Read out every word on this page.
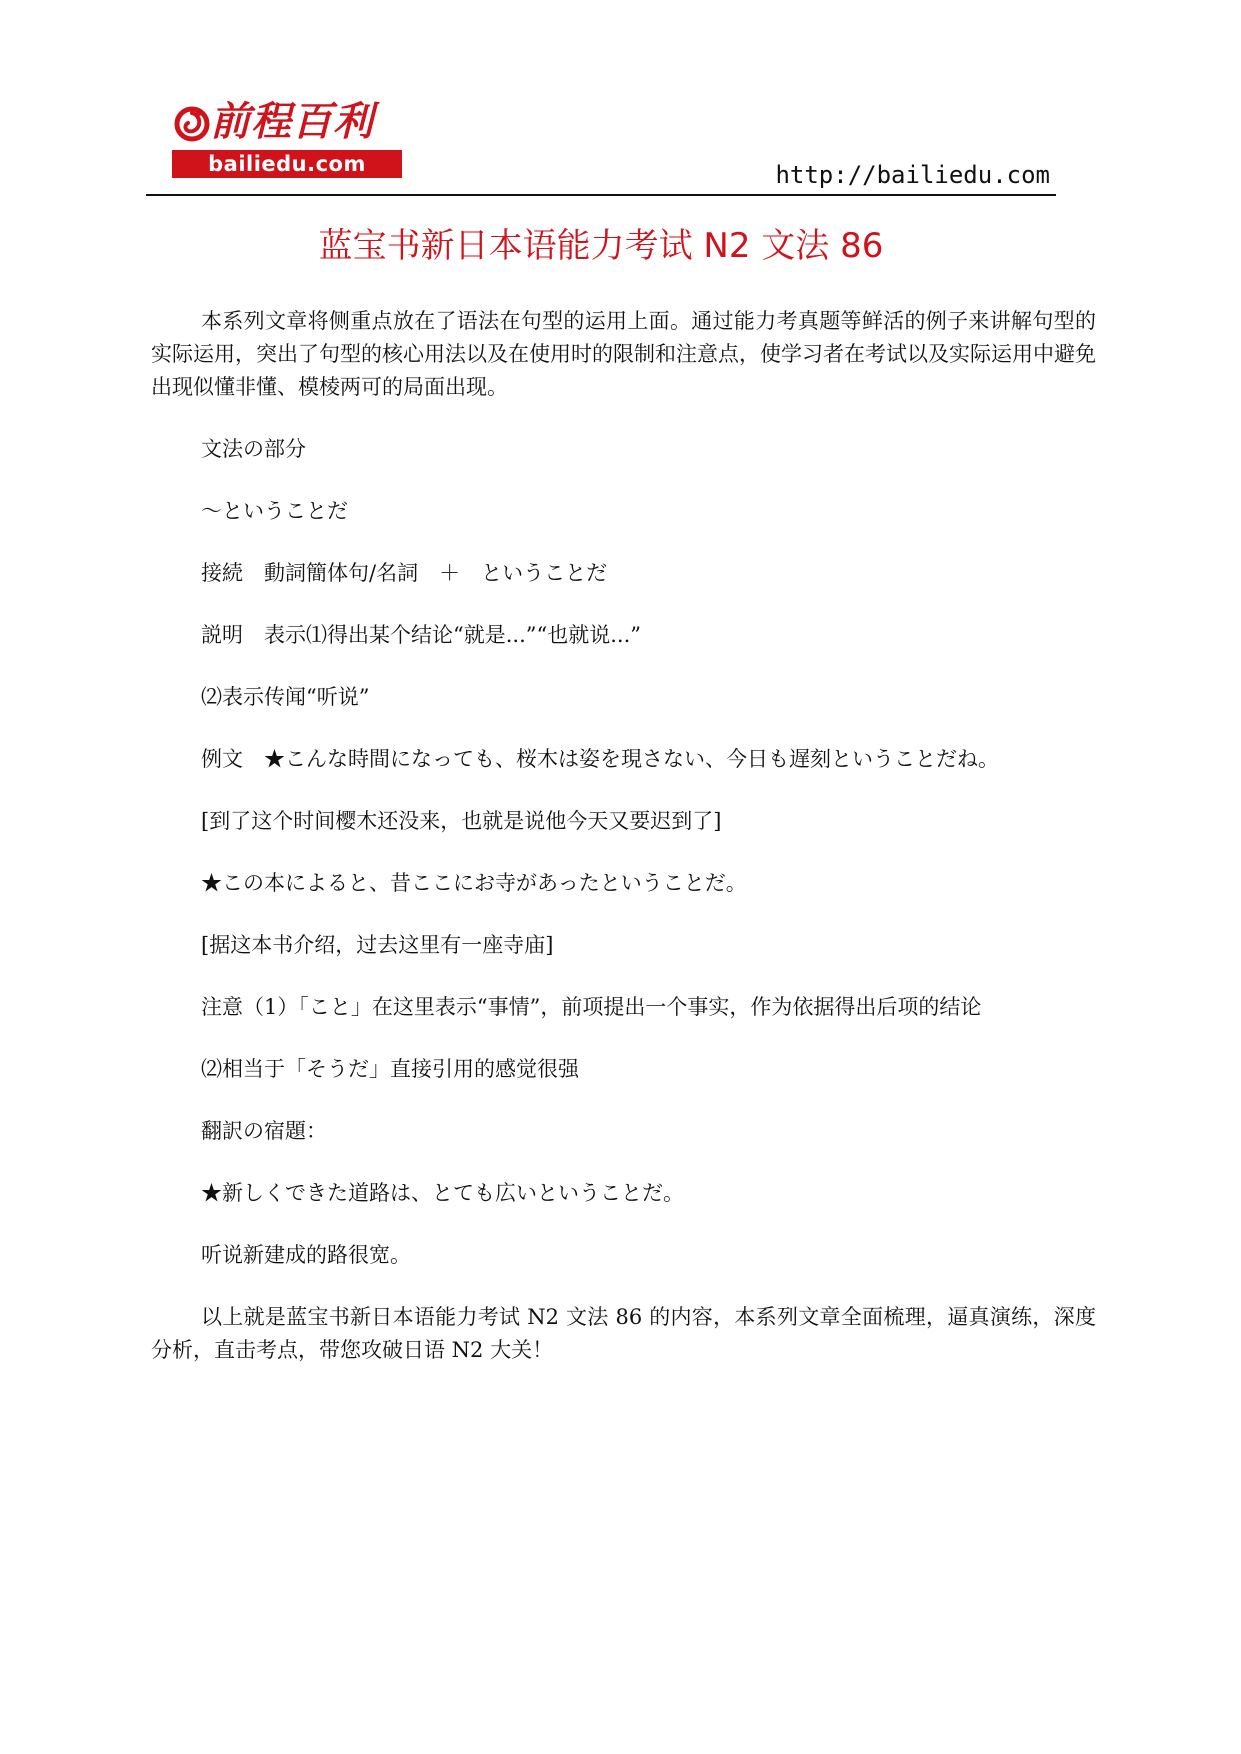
前程百利
bailiedu.com	http://bailiedu.com
蓝宝书新日本语能力考试 N2 文法 86

本系列文章将侧重点放在了语法在句型的运用上面。通过能力考真题等鲜活的例子来讲解句型的实际运用，突出了句型的核心用法以及在使用时的限制和注意点，使学习者在考试以及实际运用中避免出现似懂非懂、模棱两可的局面出现。

文法の部分

～ということだ

接続　動詞簡体句/名詞　＋　ということだ

説明　表示⑴得出某个结论“就是...”“也就说...”

⑵表示传闻“听说”

例文　★こんな時間になっても、桜木は姿を現さない、今日も遅刻ということだね。

[到了这个时间樱木还没来，也就是说他今天又要迟到了]

★この本によると、昔ここにお寺があったということだ。

[据这本书介绍，过去这里有一座寺庙]

注意（1）「こと」在这里表示“事情”，前项提出一个事实，作为依据得出后项的结论

⑵相当于「そうだ」直接引用的感觉很强

翻訳の宿題：

★新しくできた道路は、とても広いということだ。

听说新建成的路很宽。

以上就是蓝宝书新日本语能力考试 N2 文法 86 的内容，本系列文章全面梳理，逼真演练，深度分析，直击考点，带您攻破日语 N2 大关！
